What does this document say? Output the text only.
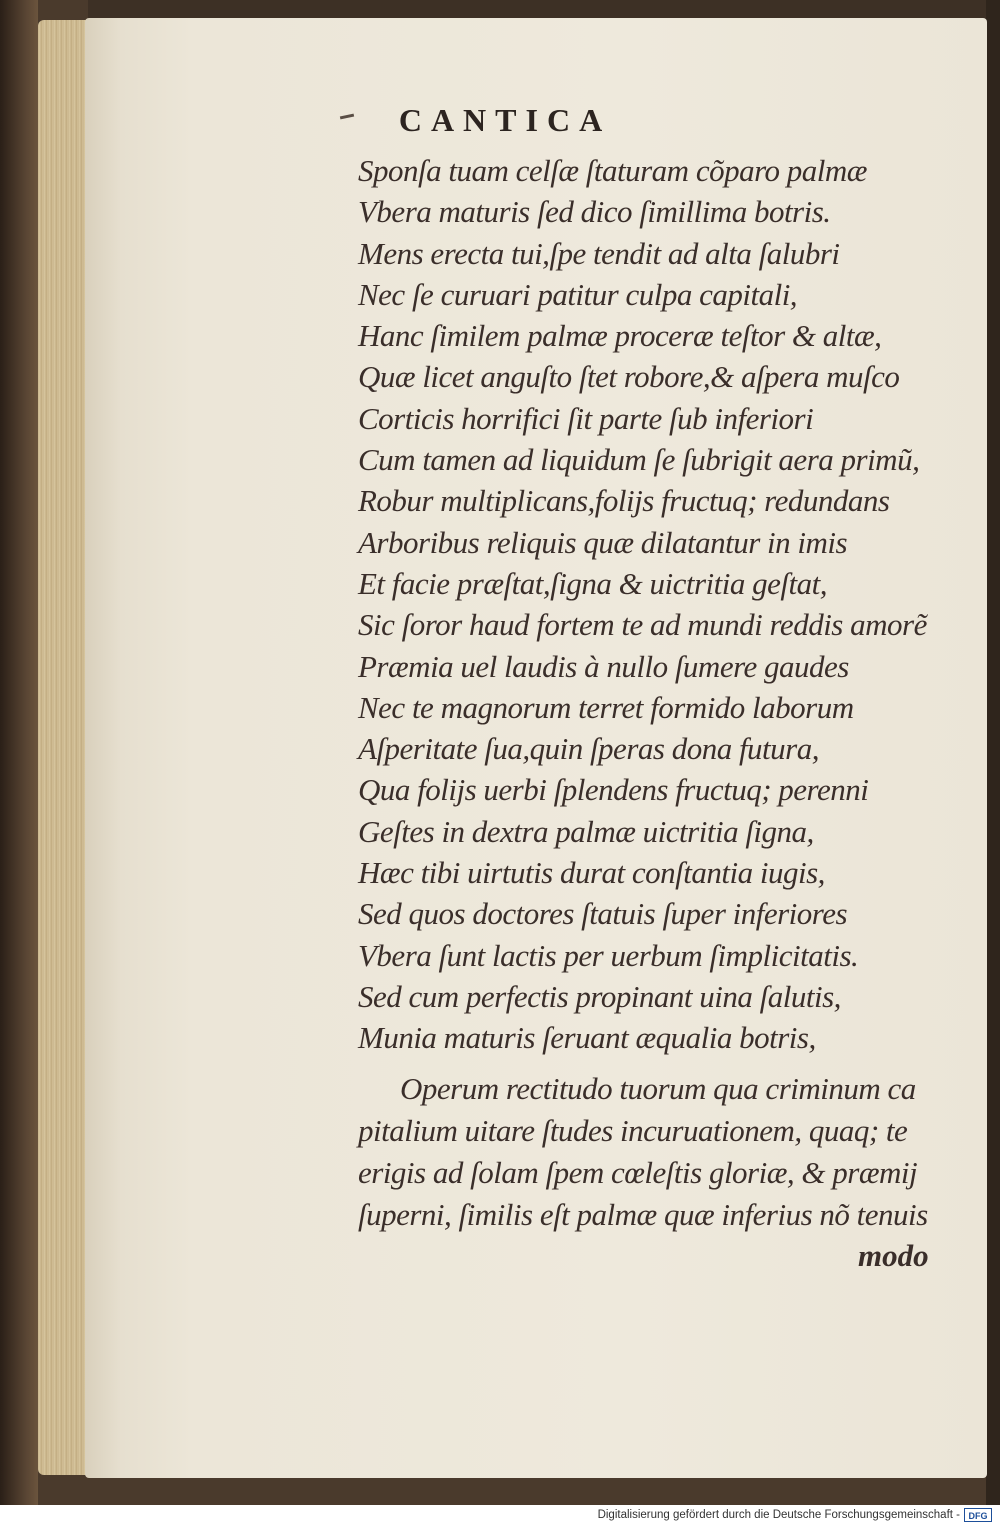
CANTICA
Sponſa tuam celſæ ſtaturam cõparo palmæ
Vbera maturis ſed dico ſimillima botris.
Mens erecta tui,ſpe tendit ad alta ſalubri
Nec ſe curuari patitur culpa capitali,
Hanc ſimilem palmæ proceræ teſtor & altæ,
Quæ licet anguſto ſtet robore,& aſpera muſco
Corticis horrifici ſit parte ſub inferiori
Cum tamen ad liquidum ſe ſubrigit aera primũ,
Robur multiplicans,folijs fructuq; redundans
Arboribus reliquis quæ dilatantur in imis
Et facie præſtat,ſigna & uictritia geſtat,
Sic ſoror haud fortem te ad mundi reddis amorẽ
Præmia uel laudis à nullo ſumere gaudes
Nec te magnorum terret formido laborum
Aſperitate ſua,quin ſperas dona futura,
Qua folijs uerbi ſplendens fructuq; perenni
Geſtes in dextra palmæ uictritia ſigna,
Hæc tibi uirtutis durat conſtantia iugis,
Sed quos doctores ſtatuis ſuper inferiores
Vbera ſunt lactis per uerbum ſimplicitatis.
Sed cum perfectis propinant uina ſalutis,
Munia maturis ſeruant æqualia botris,
Operum rectitudo tuorum qua criminum ca
pitalium uitare ſtudes incuruationem, quaq; te
erigis ad ſolam ſpem cœleſtis gloriæ, & præmij
ſuperni, ſimilis eſt palmæ quæ inferius nõ tenuis
modo
Digitalisierung gefördert durch die Deutsche Forschungsgemeinschaft - DFG
